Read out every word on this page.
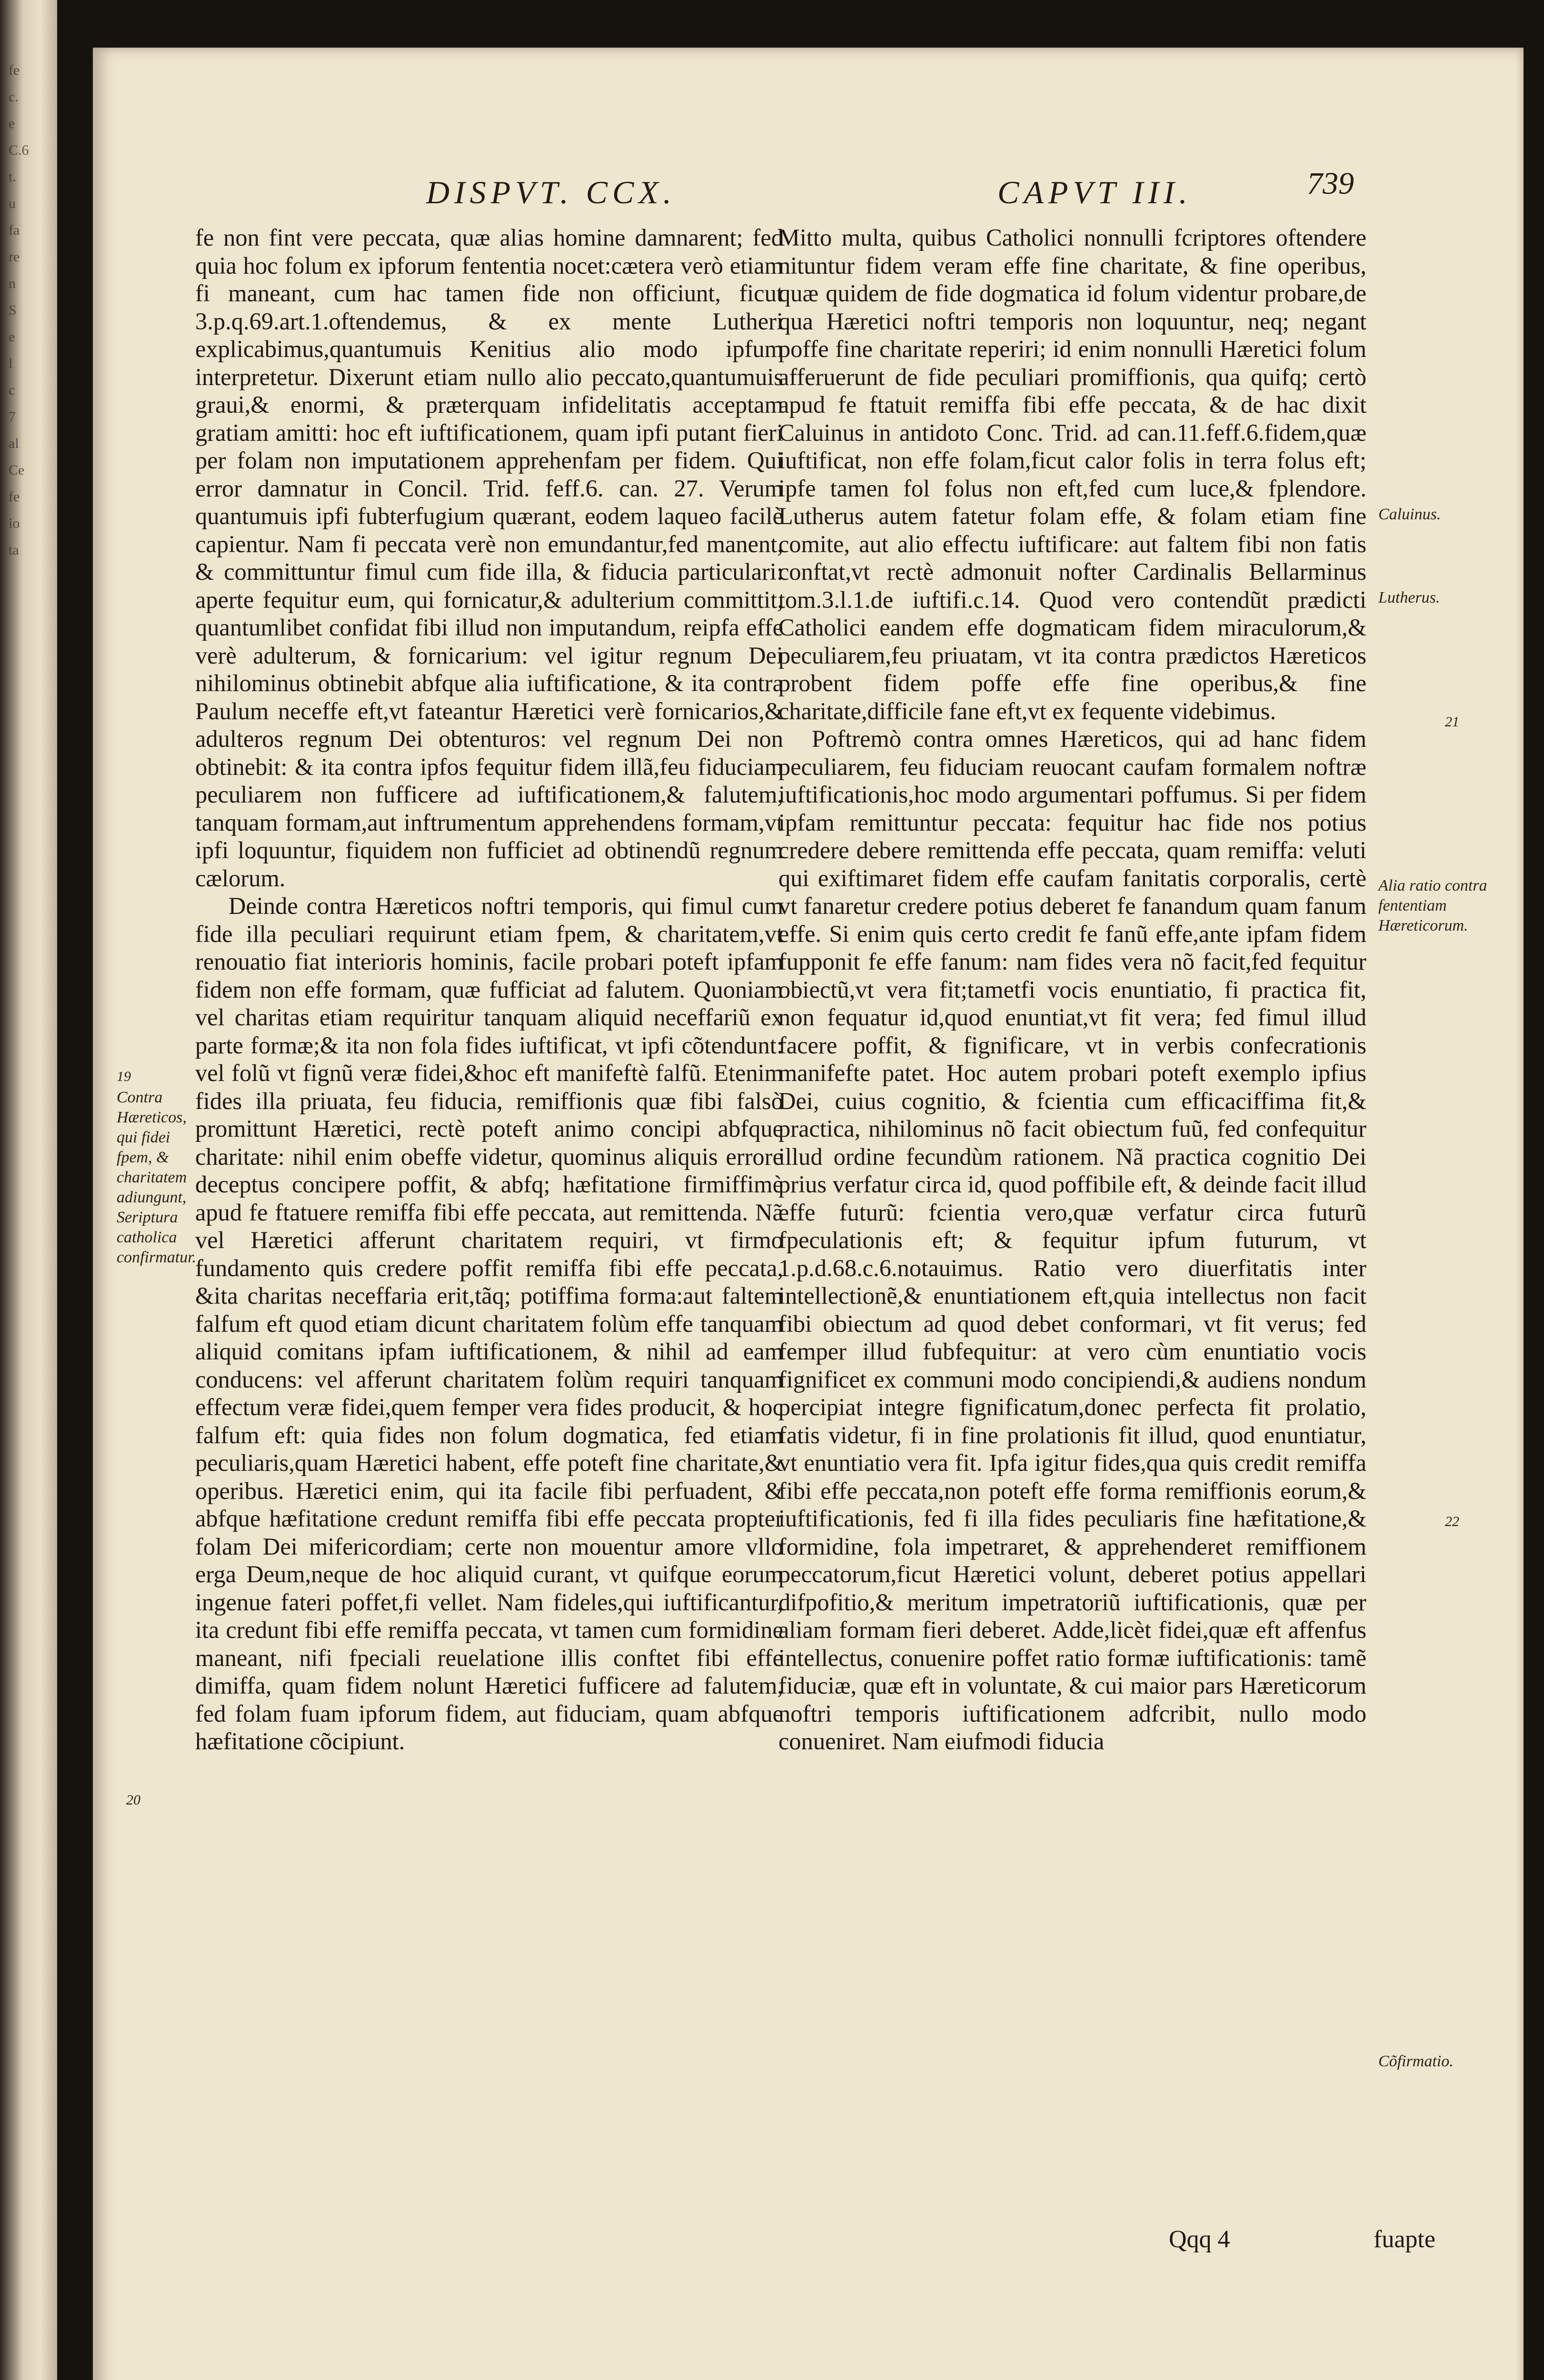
fe
c.
e
C.6
t.
u
fa
re
n
S
e
l
c
7
al
Ce
fe
io
ta
DISPVT. CCX.	CAPVT III.	739

fe non fint vere peccata, quæ alias homine damnarent; fed quia hoc folum ex ipforum fententia nocet:cætera verò etiam fi maneant, cum hac tamen fide non officiunt, ficut 3.p.q.69.art.1.oftendemus, & ex mente Lutheri explicabimus,quantumuis Kenitius alio modo ipfum interpretetur. Dixerunt etiam nullo alio peccato,quantumuis graui,& enormi, & præterquam infidelitatis acceptam gratiam amitti: hoc eft iuftificationem, quam ipfi putant fieri per folam non imputationem apprehenfam per fidem. Qui error damnatur in Concil. Trid. feff.6. can. 27. Verum quantumuis ipfi fubterfugium quærant, eodem laqueo facilè capientur. Nam fi peccata verè non emundantur,fed manent, & committuntur fimul cum fide illa, & fiducia particulari: aperte fequitur eum, qui fornicatur,& adulterium committit, quantumlibet confidat fibi illud non imputandum, reipfa effe verè adulterum, & fornicarium: vel igitur regnum Dei nihilominus obtinebit abfque alia iuftificatione, & ita contra Paulum neceffe eft,vt fateantur Hæretici verè fornicarios,& adulteros regnum Dei obtenturos: vel regnum Dei non obtinebit: & ita contra ipfos fequitur fidem illã,feu fiduciam peculiarem non fufficere ad iuftificationem,& falutem, tanquam formam,aut inftrumentum apprehendens formam,vt ipfi loquuntur, fiquidem non fufficiet ad obtinendũ regnum cælorum.

Deinde contra Hæreticos noftri temporis, qui fimul cum fide illa peculiari requirunt etiam fpem, & charitatem,vt renouatio fiat interioris hominis, facile probari poteft ipfam fidem non effe formam, quæ fufficiat ad falutem. Quoniam vel charitas etiam requiritur tanquam aliquid neceffariũ ex parte formæ;& ita non fola fides iuftificat, vt ipfi cõtendunt: vel folũ vt fignũ veræ fidei,&hoc eft manifeftè falfũ. Etenim fides illa priuata, feu fiducia, remiffionis quæ fibi falsò promittunt Hæretici, rectè poteft animo concipi abfque charitate: nihil enim obeffe videtur, quominus aliquis errore deceptus concipere poffit, & abfq; hæfitatione firmiffimè apud fe ftatuere remiffa fibi effe peccata, aut remittenda. Nã vel Hæretici afferunt charitatem requiri, vt firmo fundamento quis credere poffit remiffa fibi effe peccata, &ita charitas neceffaria erit,tãq; potiffima forma:aut faltem falfum eft quod etiam dicunt charitatem folùm effe tanquam aliquid comitans ipfam iuftificationem, & nihil ad eam conducens: vel afferunt charitatem folùm requiri tanquam effectum veræ fidei,quem femper vera fides producit, & hoc falfum eft: quia fides non folum dogmatica, fed etiam peculiaris,quam Hæretici habent, effe poteft fine charitate,& operibus. Hæretici enim, qui ita facile fibi perfuadent, & abfque hæfitatione credunt remiffa fibi effe peccata propter folam Dei mifericordiam; certe non mouentur amore vllo erga Deum,neque de hoc aliquid curant, vt quifque eorum ingenue fateri poffet,fi vellet. Nam fideles,qui iuftificantur, ita credunt fibi effe remiffa peccata, vt tamen cum formidine maneant, nifi fpeciali reuelatione illis conftet fibi effe dimiffa, quam fidem nolunt Hæretici fufficere ad falutem, fed folam fuam ipforum fidem, aut fiduciam, quam abfque hæfitatione cõcipiunt.

Mitto multa, quibus Catholici nonnulli fcriptores oftendere nituntur fidem veram effe fine charitate, & fine operibus, quæ quidem de fide dogmatica id folum videntur probare,de qua Hæretici noftri temporis non loquuntur, neq; negant poffe fine charitate reperiri; id enim nonnulli Hæretici folum afferuerunt de fide peculiari promiffionis, qua quifq; certò apud fe ftatuit remiffa fibi effe peccata, & de hac dixit Caluinus in antidoto Conc. Trid. ad can.11.feff.6.fidem,quæ iuftificat, non effe folam,ficut calor folis in terra folus eft; ipfe tamen fol folus non eft,fed cum luce,& fplendore. Lutherus autem fatetur folam effe, & folam etiam fine comite, aut alio effectu iuftificare: aut faltem fibi non fatis conftat,vt rectè admonuit nofter Cardinalis Bellarminus tom.3.l.1.de iuftifi.c.14. Quod vero contendũt prædicti Catholici eandem effe dogmaticam fidem miraculorum,& peculiarem,feu priuatam, vt ita contra prædictos Hæreticos probent fidem poffe effe fine operibus,& fine charitate,difficile fane eft,vt ex fequente videbimus.

Poftremò contra omnes Hæreticos, qui ad hanc fidem peculiarem, feu fiduciam reuocant caufam formalem noftræ iuftificationis,hoc modo argumentari poffumus. Si per fidem ipfam remittuntur peccata: fequitur hac fide nos potius credere debere remittenda effe peccata, quam remiffa: veluti qui exiftimaret fidem effe caufam fanitatis corporalis, certè vt fanaretur credere potius deberet fe fanandum quam fanum effe. Si enim quis certo credit fe fanũ effe,ante ipfam fidem fupponit fe effe fanum: nam fides vera nõ facit,fed fequitur obiectũ,vt vera fit;tametfi vocis enuntiatio, fi practica fit, non fequatur id,quod enuntiat,vt fit vera; fed fimul illud facere poffit, & fignificare, vt in verbis confecrationis manifefte patet. Hoc autem probari poteft exemplo ipfius Dei, cuius cognitio, & fcientia cum efficaciffima fit,& practica, nihilominus nõ facit obiectum fuũ, fed confequitur illud ordine fecundùm rationem. Nã practica cognitio Dei prius verfatur circa id, quod poffibile eft, & deinde facit illud effe futurũ: fcientia vero,quæ verfatur circa futurũ fpeculationis eft; & fequitur ipfum futurum, vt 1.p.d.68.c.6.notauimus. Ratio vero diuerfitatis inter intellectionẽ,& enuntiationem eft,quia intellectus non facit fibi obiectum ad quod debet conformari, vt fit verus; fed femper illud fubfequitur: at vero cùm enuntiatio vocis fignificet ex communi modo concipiendi,& audiens nondum percipiat integre fignificatum,donec perfecta fit prolatio, fatis videtur, fi in fine prolationis fit illud, quod enuntiatur, vt enuntiatio vera fit. Ipfa igitur fides,qua quis credit remiffa fibi effe peccata,non poteft effe forma remiffionis eorum,& iuftificationis, fed fi illa fides peculiaris fine hæfitatione,& formidine, fola impetraret, & apprehenderet remiffionem peccatorum,ficut Hæretici volunt, deberet potius appellari difpofitio,& meritum impetratoriũ iuftificationis, quæ per aliam formam fieri deberet. Adde,licèt fidei,quæ eft affenfus intellectus, conuenire poffet ratio formæ iuftificationis: tamẽ fiduciæ, quæ eft in voluntate, & cui maior pars Hæreticorum noftri temporis iuftificationem adfcribit, nullo modo conueniret. Nam eiufmodi fiducia

19
Contra Hæreticos, qui fidei fpem, & charitatem adiungunt, Seriptura catholica confirmatur.
20
Caluinus.
Lutherus.
21
Alia ratio contra fententiam Hæreticorum.
22
Cõfirmatio.
Qqq 4	fuapte
